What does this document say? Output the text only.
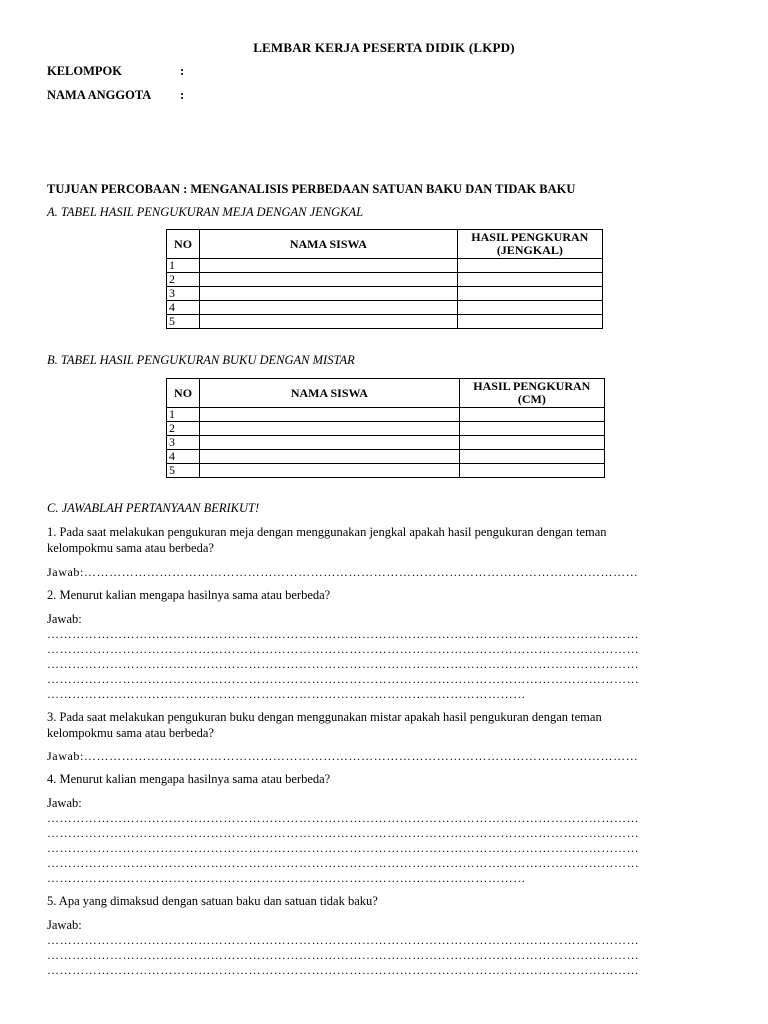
LEMBAR KERJA PESERTA DIDIK (LKPD)
KELOMPOK	:
NAMA ANGGOTA :
TUJUAN PERCOBAAN : MENGANALISIS PERBEDAAN SATUAN BAKU DAN TIDAK BAKU
A. TABEL HASIL PENGUKURAN MEJA DENGAN JENGKAL
NO	NAMA SISWA	HASIL PENGKURAN (JENGKAL)
1		
2		
3		
4		
5		
B. TABEL HASIL PENGUKURAN BUKU DENGAN MISTAR
NO	NAMA SISWA	HASIL PENGKURAN (CM)
1		
2		
3		
4		
5		
C. JAWABLAH PERTANYAAN BERIKUT!
1. Pada saat melakukan pengukuran meja dengan menggunakan jengkal apakah hasil pengukuran dengan teman
kelompokmu sama atau berbeda?
Jawab:……………………………………………………………………………………………………………………
2. Menurut kalian mengapa hasilnya sama atau berbeda?
Jawab:
……………………………………………………………………………………………………………………………
……………………………………………………………………………………………………………………………
……………………………………………………………………………………………………………………………
……………………………………………………………………………………………………………………………
……………………………………………………………………………………………………
3. Pada saat melakukan pengukuran buku dengan menggunakan mistar apakah hasil pengukuran dengan teman
kelompokmu sama atau berbeda?
Jawab:……………………………………………………………………………………………………………………
4. Menurut kalian mengapa hasilnya sama atau berbeda?
Jawab:
……………………………………………………………………………………………………………………………
……………………………………………………………………………………………………………………………
……………………………………………………………………………………………………………………………
……………………………………………………………………………………………………………………………
……………………………………………………………………………………………………
5. Apa yang dimaksud dengan satuan baku dan satuan tidak baku?
Jawab:
……………………………………………………………………………………………………………………………
……………………………………………………………………………………………………………………………
……………………………………………………………………………………………………………………………
